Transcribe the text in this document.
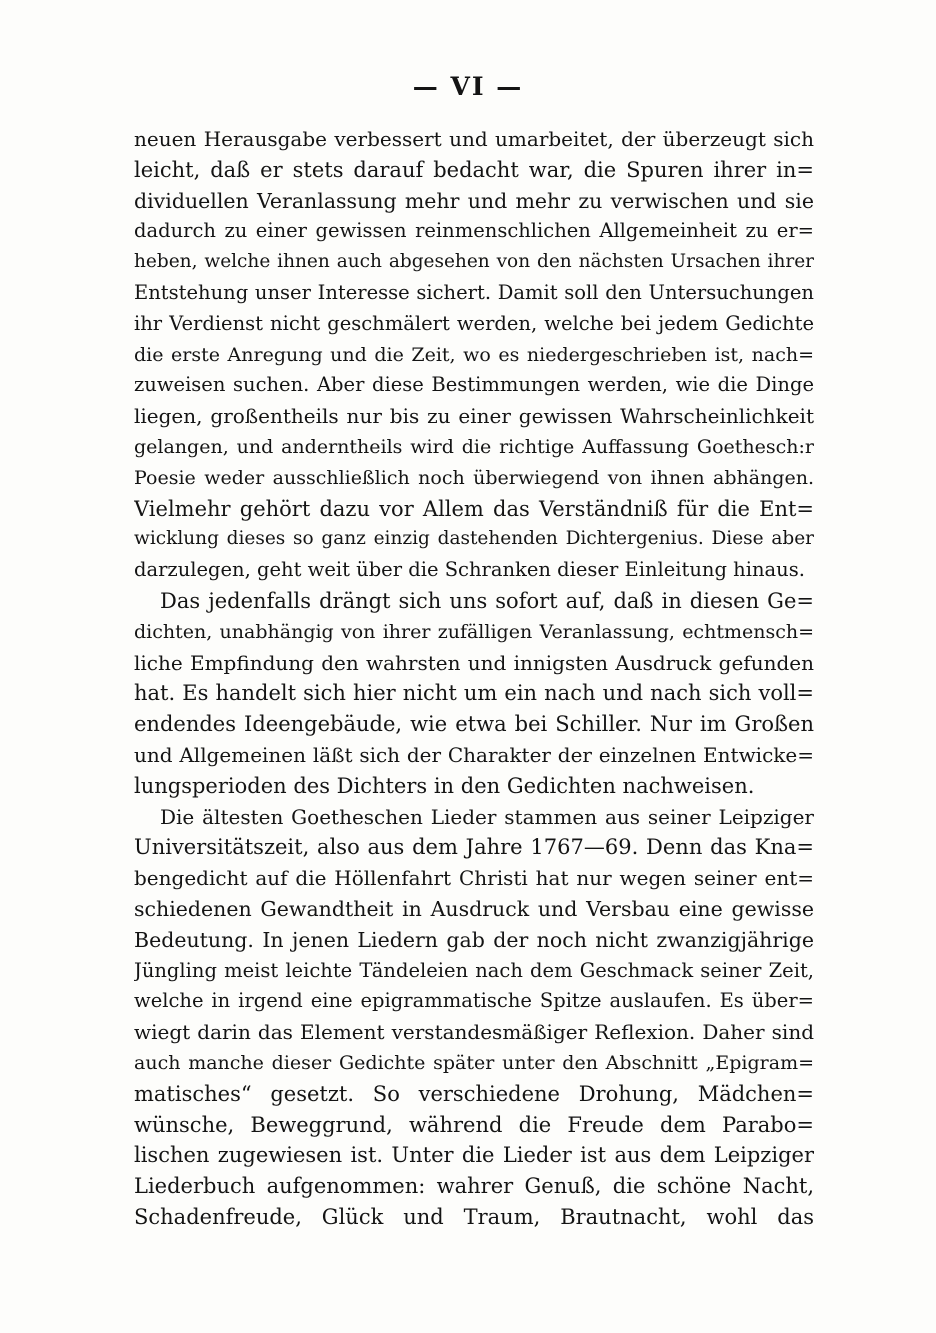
— VI —
neuen Herausgabe verbessert und umarbeitet, der überzeugt sich
leicht, daß er stets darauf bedacht war, die Spuren ihrer in=
dividuellen Veranlassung mehr und mehr zu verwischen und sie
dadurch zu einer gewissen reinmenschlichen Allgemeinheit zu er=
heben, welche ihnen auch abgesehen von den nächsten Ursachen ihrer
Entstehung unser Interesse sichert. Damit soll den Untersuchungen
ihr Verdienst nicht geschmälert werden, welche bei jedem Gedichte
die erste Anregung und die Zeit, wo es niedergeschrieben ist, nach=
zuweisen suchen. Aber diese Bestimmungen werden, wie die Dinge
liegen, großentheils nur bis zu einer gewissen Wahrscheinlichkeit
gelangen, und anderntheils wird die richtige Auffassung Goethesch:r
Poesie weder ausschließlich noch überwiegend von ihnen abhängen.
Vielmehr gehört dazu vor Allem das Verständniß für die Ent=
wicklung dieses so ganz einzig dastehenden Dichtergenius. Diese aber
darzulegen, geht weit über die Schranken dieser Einleitung hinaus.
Das jedenfalls drängt sich uns sofort auf, daß in diesen Ge=
dichten, unabhängig von ihrer zufälligen Veranlassung, echtmensch=
liche Empfindung den wahrsten und innigsten Ausdruck gefunden
hat. Es handelt sich hier nicht um ein nach und nach sich voll=
endendes Ideengebäude, wie etwa bei Schiller. Nur im Großen
und Allgemeinen läßt sich der Charakter der einzelnen Entwicke=
lungsperioden des Dichters in den Gedichten nachweisen.
Die ältesten Goetheschen Lieder stammen aus seiner Leipziger
Universitätszeit, also aus dem Jahre 1767—69. Denn das Kna=
bengedicht auf die Höllenfahrt Christi hat nur wegen seiner ent=
schiedenen Gewandtheit in Ausdruck und Versbau eine gewisse
Bedeutung. In jenen Liedern gab der noch nicht zwanzigjährige
Jüngling meist leichte Tändeleien nach dem Geschmack seiner Zeit,
welche in irgend eine epigrammatische Spitze auslaufen. Es über=
wiegt darin das Element verstandesmäßiger Reflexion. Daher sind
auch manche dieser Gedichte später unter den Abschnitt „Epigram=
matisches“ gesetzt. So verschiedene Drohung, Mädchen=
wünsche, Beweggrund, während die Freude dem Parabo=
lischen zugewiesen ist. Unter die Lieder ist aus dem Leipziger
Liederbuch aufgenommen: wahrer Genuß, die schöne Nacht,
Schadenfreude, Glück und Traum, Brautnacht, wohl das
